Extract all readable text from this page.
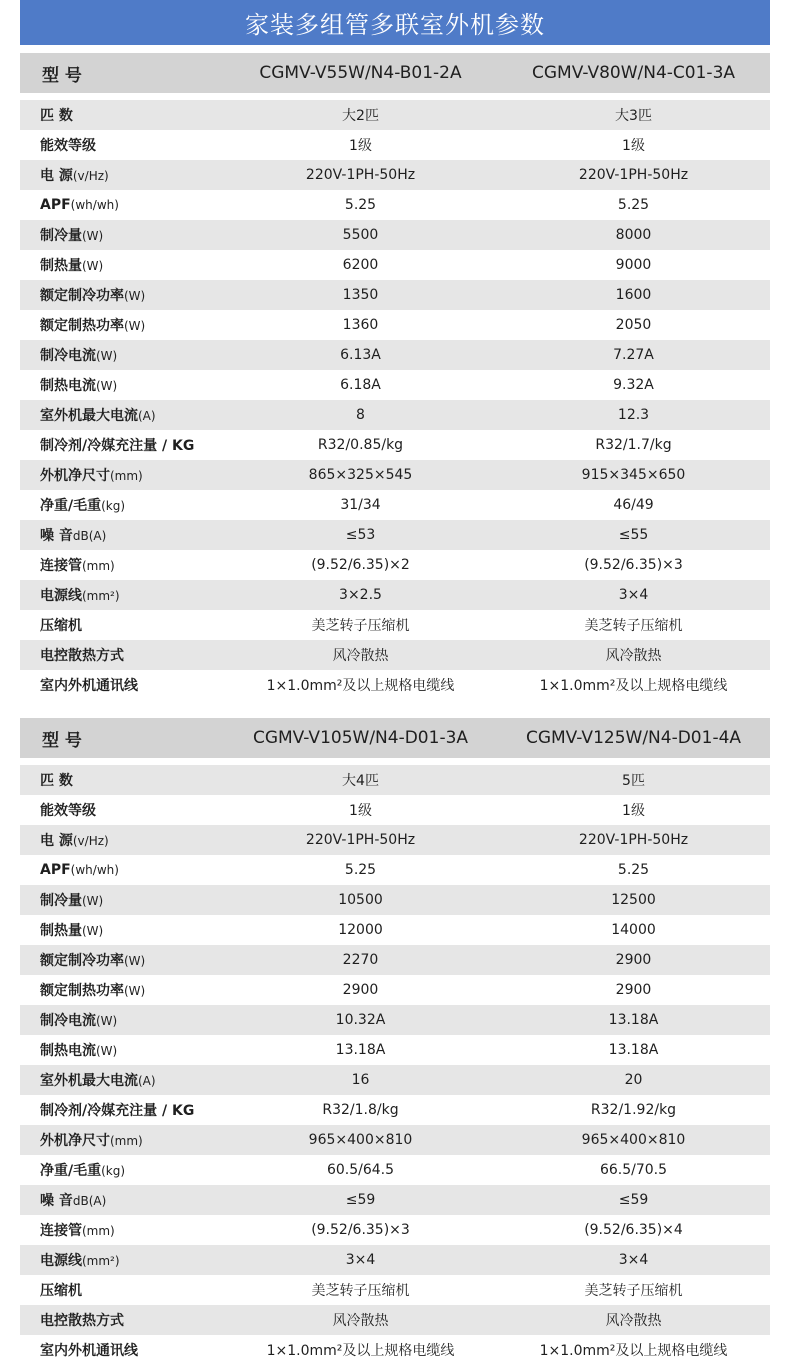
家装多组管多联室外机参数
型 号	CGMV-V55W/N4-B01-2A	CGMV-V80W/N4-C01-3A
匹 数	大2匹	大3匹
能效等级	1级	1级
电 源(v/Hz)	220V-1PH-50Hz	220V-1PH-50Hz
APF(wh/wh)	5.25	5.25
制冷量(W)	5500	8000
制热量(W)	6200	9000
额定制冷功率(W)	1350	1600
额定制热功率(W)	1360	2050
制冷电流(W)	6.13A	7.27A
制热电流(W)	6.18A	9.32A
室外机最大电流(A)	8	12.3
制冷剂/冷媒充注量 / KG	R32/0.85/kg	R32/1.7/kg
外机净尺寸(mm)	865×325×545	915×345×650
净重/毛重(kg)	31/34	46/49
噪 音dB(A)	≤53	≤55
连接管(mm)	(9.52/6.35)×2	(9.52/6.35)×3
电源线(mm²)	3×2.5	3×4
压缩机	美芝转子压缩机	美芝转子压缩机
电控散热方式	风冷散热	风冷散热
室内外机通讯线	1×1.0mm²及以上规格电缆线	1×1.0mm²及以上规格电缆线
型 号	CGMV-V105W/N4-D01-3A	CGMV-V125W/N4-D01-4A
匹 数	大4匹	5匹
能效等级	1级	1级
电 源(v/Hz)	220V-1PH-50Hz	220V-1PH-50Hz
APF(wh/wh)	5.25	5.25
制冷量(W)	10500	12500
制热量(W)	12000	14000
额定制冷功率(W)	2270	2900
额定制热功率(W)	2900	2900
制冷电流(W)	10.32A	13.18A
制热电流(W)	13.18A	13.18A
室外机最大电流(A)	16	20
制冷剂/冷媒充注量 / KG	R32/1.8/kg	R32/1.92/kg
外机净尺寸(mm)	965×400×810	965×400×810
净重/毛重(kg)	60.5/64.5	66.5/70.5
噪 音dB(A)	≤59	≤59
连接管(mm)	(9.52/6.35)×3	(9.52/6.35)×4
电源线(mm²)	3×4	3×4
压缩机	美芝转子压缩机	美芝转子压缩机
电控散热方式	风冷散热	风冷散热
室内外机通讯线	1×1.0mm²及以上规格电缆线	1×1.0mm²及以上规格电缆线
